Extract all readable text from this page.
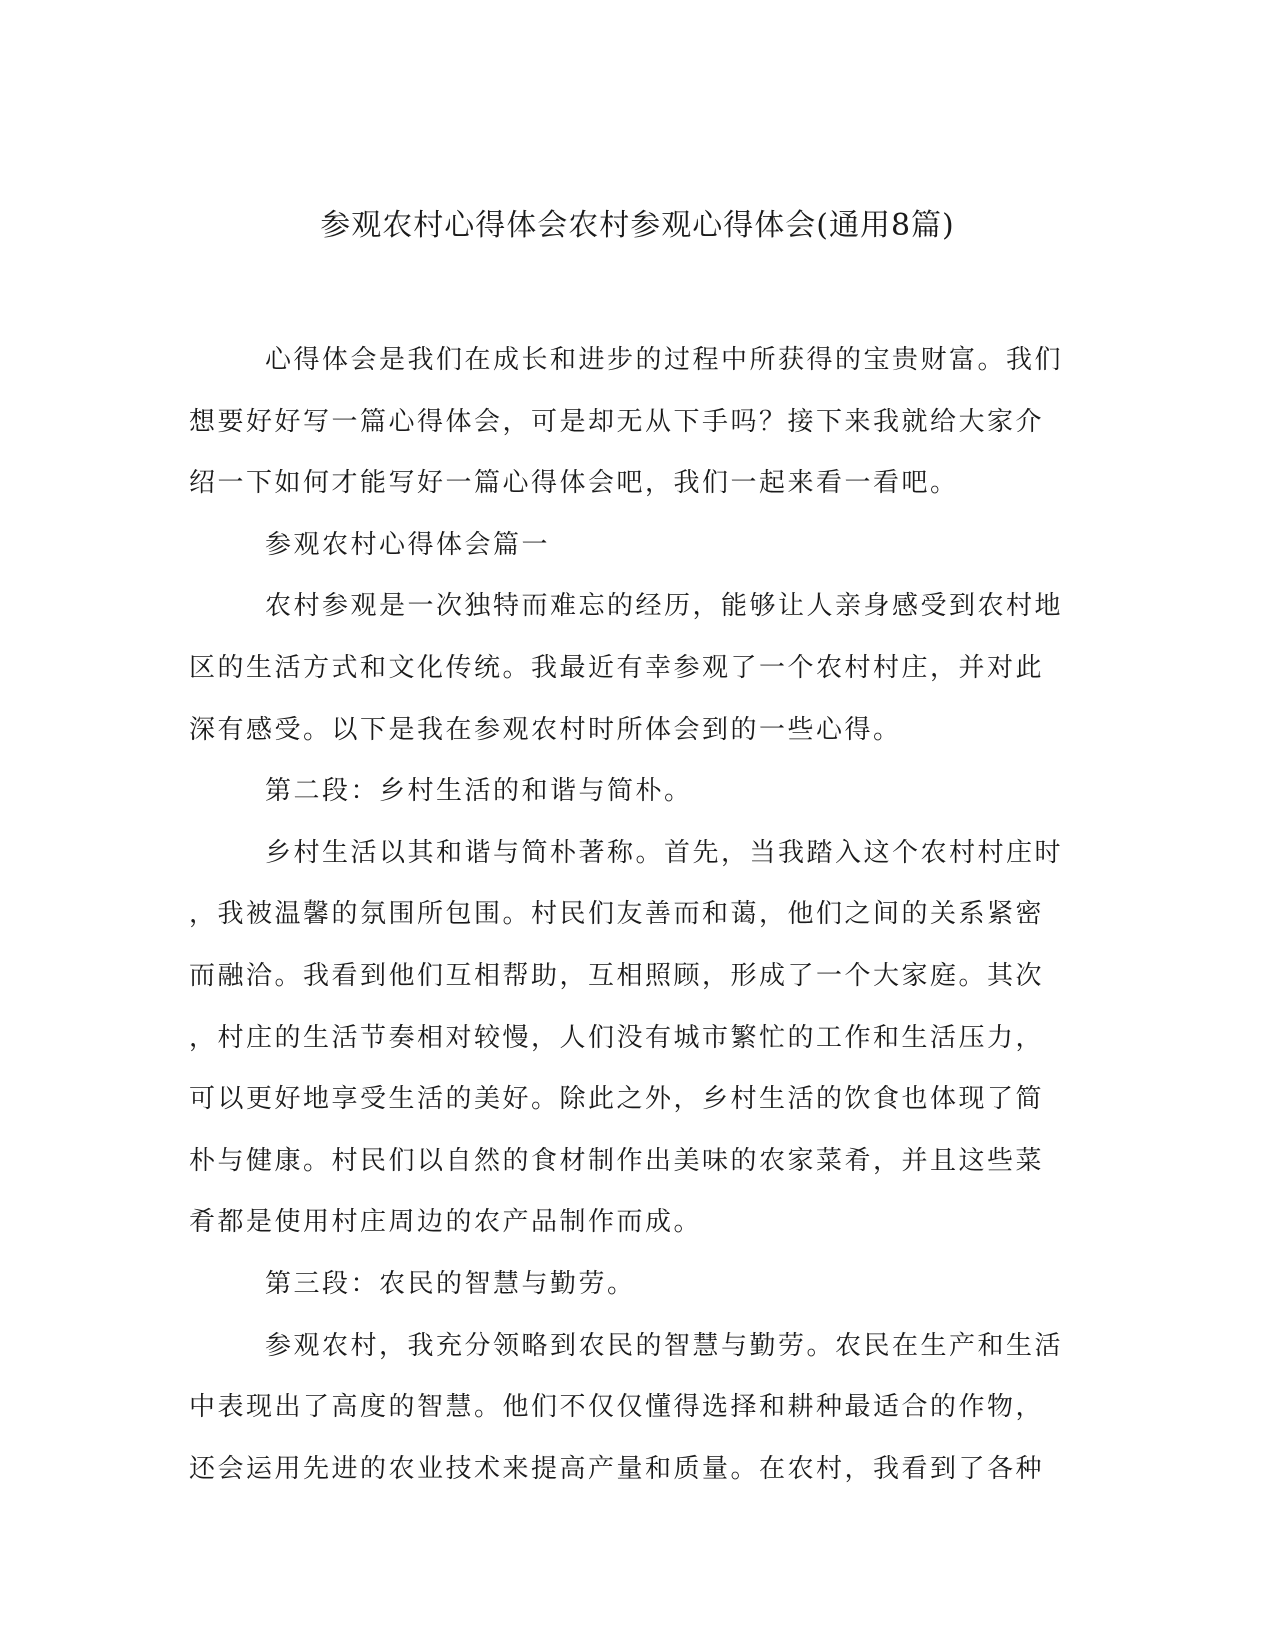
参观农村心得体会农村参观心得体会(通用8篇)

心得体会是我们在成长和进步的过程中所获得的宝贵财富。我们
想要好好写一篇心得体会，可是却无从下手吗？接下来我就给大家介
绍一下如何才能写好一篇心得体会吧，我们一起来看一看吧。

参观农村心得体会篇一

农村参观是一次独特而难忘的经历，能够让人亲身感受到农村地
区的生活方式和文化传统。我最近有幸参观了一个农村村庄，并对此
深有感受。以下是我在参观农村时所体会到的一些心得。

第二段：乡村生活的和谐与简朴。

乡村生活以其和谐与简朴著称。首先，当我踏入这个农村村庄时
，我被温馨的氛围所包围。村民们友善而和蔼，他们之间的关系紧密
而融洽。我看到他们互相帮助，互相照顾，形成了一个大家庭。其次
，村庄的生活节奏相对较慢，人们没有城市繁忙的工作和生活压力，
可以更好地享受生活的美好。除此之外，乡村生活的饮食也体现了简
朴与健康。村民们以自然的食材制作出美味的农家菜肴，并且这些菜
肴都是使用村庄周边的农产品制作而成。

第三段：农民的智慧与勤劳。

参观农村，我充分领略到农民的智慧与勤劳。农民在生产和生活
中表现出了高度的智慧。他们不仅仅懂得选择和耕种最适合的作物，
还会运用先进的农业技术来提高产量和质量。在农村，我看到了各种
